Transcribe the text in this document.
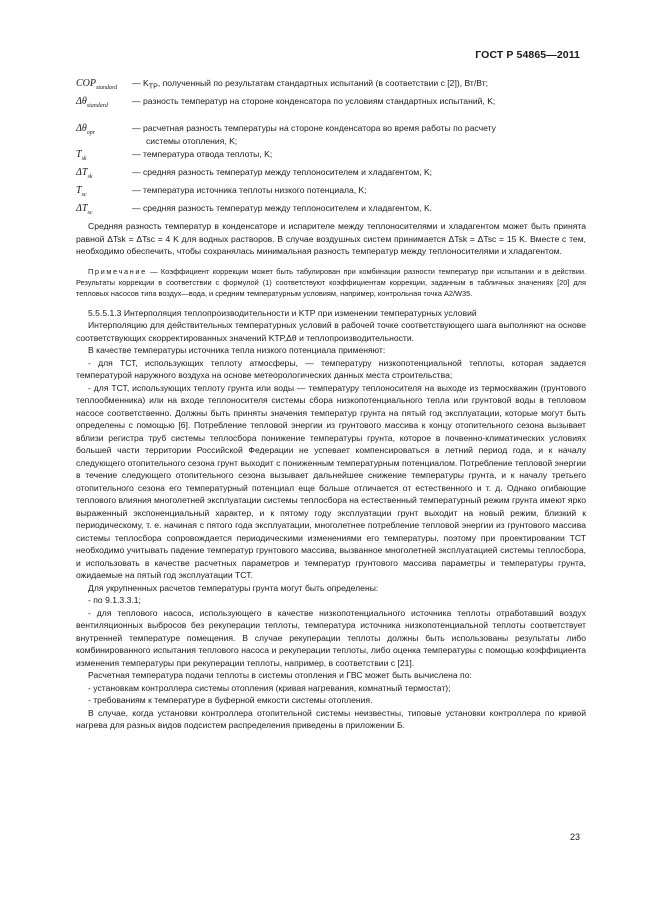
ГОСТ Р 54865—2011
$COP_{standard}$	— $K_{ТР}$, полученный по результатам стандартных испытаний (в соответствии с [2]), Вт/Вт;
$\Delta\theta_{standard}$	— разность температур на стороне конденсатора по условиям стандартных испытаний, K;
$\Delta\theta_{opr}$	— расчетная разность температуры на стороне конденсатора во время работы по расчету
системы отопления, K;
$T_{sk}$	— температура отвода теплоты, K;
$\Delta T_{sk}$	— средняя разность температур между теплоносителем и хладагентом, K;
$T_{sc}$	— температура источника теплоты низкого потенциала, K;
$\Delta T_{sc}$	— средняя разность температур между теплоносителем и хладагентом, K.

Средняя разность температур в конденсаторе и испарителе между теплоносителями и хладагентом может быть принята равной ΔTsk = ΔTsc = 4 K для водных растворов. В случае воздушных систем принимается ΔTsk = ΔTsc = 15 K. Вместе с тем, необходимо обеспечить, чтобы сохранялась минимальная разность температур между теплоносителями и хладагентом.

Примечание — Коэффициент коррекции может быть табулирован при комбинации разности температур при испытании и в действии. Результаты коррекции в соответствии с формулой (1) соответствуют коэффициентам коррекции, заданным в табличных значениях [20] для тепловых насосов типа воздух—вода, и средним температурным условиям, например, контрольная точка A2/W35.

5.5.5.1.3 Интерполяция теплопроизводительности и KТР при изменении температурных условий

Интерполяцию для действительных температурных условий в рабочей точке соответствующего шага выполняют на основе соответствующих скорректированных значений KТР,Δθ и теплопроизводительности.

В качестве температуры источника тепла низкого потенциала применяют:

- для ТСТ, использующих теплоту атмосферы, — температуру низкопотенциальной теплоты, которая задается температурой наружного воздуха на основе метеорологических данных места строительства;

- для ТСТ, использующих теплоту грунта или воды — температуру теплоносителя на выходе из термоскважин (грунтового теплообменника) или на входе теплоносителя системы сбора низкопотенциального тепла или грунтовой воды в тепловом насосе соответственно. Должны быть приняты значения температур грунта на пятый год эксплуатации, которые могут быть определены с помощью [6]. Потребление тепловой энергии из грунтового массива к концу отопительного сезона вызывает вблизи регистра труб системы теплосбора понижение температуры грунта, которое в почвенно-климатических условиях большей части территории Российской Федерации не успевает компенсироваться в летний период года, и к началу следующего отопительного сезона грунт выходит с пониженным температурным потенциалом. Потребление тепловой энергии в течение следующего отопительного сезона вызывает дальнейшее снижение температуры грунта, и к началу третьего отопительного сезона его температурный потенциал еще больше отличается от естественного и т. д. Однако огибающие теплового влияния многолетней эксплуатации системы теплосбора на естественный температурный режим грунта имеют ярко выраженный экспоненциальный характер, и к пятому году эксплуатации грунт выходит на новый режим, близкий к периодическому, т. е. начиная с пятого года эксплуатации, многолетнее потребление тепловой энергии из грунтового массива системы теплосбора сопровождается периодическими изменениями его температуры, поэтому при проектировании ТСТ необходимо учитывать падение температур грунтового массива, вызванное многолетней эксплуатацией системы теплосбора, и использовать в качестве расчетных параметров и температур грунтового массива параметры и температуры грунта, ожидаемые на пятый год эксплуатации ТСТ.

Для укрупненных расчетов температуры грунта могут быть определены:

- по 9.1.3.3.1;

- для теплового насоса, использующего в качестве низкопотенциального источника теплоты отработавший воздух вентиляционных выбросов без рекуперации теплоты, температура источника низкопотенциальной теплоты соответствует внутренней температуре помещения. В случае рекуперации теплоты должны быть использованы результаты либо комбинированного испытания теплового насоса и рекуперации теплоты, либо оценка температуры с помощью коэффициента изменения температуры при рекуперации теплоты, например, в соответствии с [21].

Расчетная температура подачи теплоты в системы отопления и ГВС может быть вычислена по:

- установкам контроллера системы отопления (кривая нагревания, комнатный термостат);

- требованиям к температуре в буферной емкости системы отопления.

В случае, когда установки контроллера отопительной системы неизвестны, типовые установки контроллера по кривой нагрева для разных видов подсистем распределения приведены в приложении Б.

23
